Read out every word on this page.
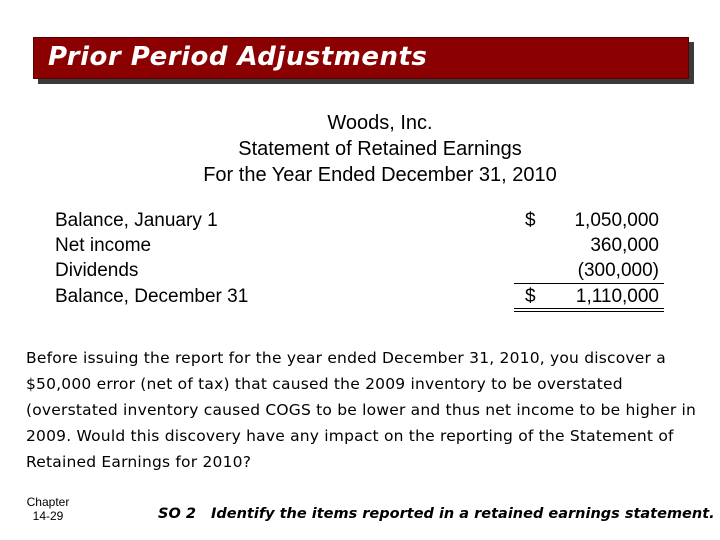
Prior Period Adjustments
Woods, Inc.
Statement of Retained Earnings
For the Year Ended December 31, 2010
Balance, January 1	$ 1,050,000
Net income	360,000
Dividends	(300,000)
Balance, December 31	$ 1,110,000
Before issuing the report for the year ended December 31, 2010, you discover a $50,000 error (net of tax) that caused the 2009 inventory to be overstated (overstated inventory caused COGS to be lower and thus net income to be higher in 2009. Would this discovery have any impact on the reporting of the Statement of Retained Earnings for 2010?
Chapter
14-29	SO 2 Identify the items reported in a retained earnings statement.
